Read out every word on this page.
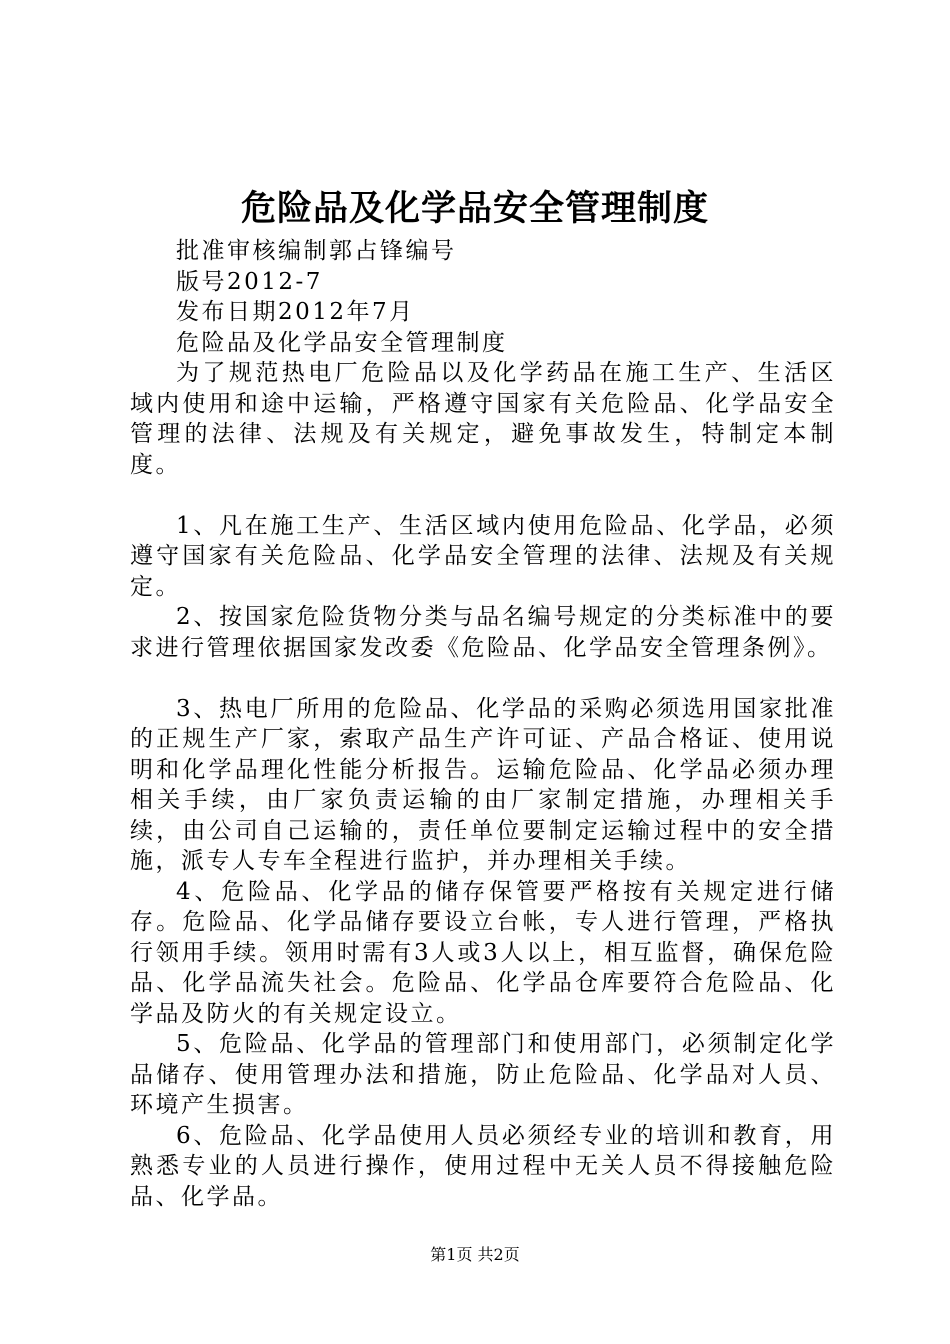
危险品及化学品安全管理制度

批准审核编制郭占锋编号

版号2012-7

发布日期2012年7月

危险品及化学品安全管理制度

为了规范热电厂危险品以及化学药品在施工生产、生活区域内使用和途中运输，严格遵守国家有关危险品、化学品安全管理的法律、法规及有关规定，避免事故发生，特制定本制度。

1、凡在施工生产、生活区域内使用危险品、化学品，必须遵守国家有关危险品、化学品安全管理的法律、法规及有关规定。

2、按国家危险货物分类与品名编号规定的分类标准中的要求进行管理依据国家发改委《危险品、化学品安全管理条例》。

3、热电厂所用的危险品、化学品的采购必须选用国家批准的正规生产厂家，索取产品生产许可证、产品合格证、使用说明和化学品理化性能分析报告。运输危险品、化学品必须办理相关手续，由厂家负责运输的由厂家制定措施，办理相关手续，由公司自己运输的，责任单位要制定运输过程中的安全措施，派专人专车全程进行监护，并办理相关手续。

4、危险品、化学品的储存保管要严格按有关规定进行储存。危险品、化学品储存要设立台帐，专人进行管理，严格执行领用手续。领用时需有3人或3人以上，相互监督，确保危险品、化学品流失社会。危险品、化学品仓库要符合危险品、化学品及防火的有关规定设立。

5、危险品、化学品的管理部门和使用部门，必须制定化学品储存、使用管理办法和措施，防止危险品、化学品对人员、环境产生损害。

6、危险品、化学品使用人员必须经专业的培训和教育，用熟悉专业的人员进行操作，使用过程中无关人员不得接触危险品、化学品。

第1页 共2页
